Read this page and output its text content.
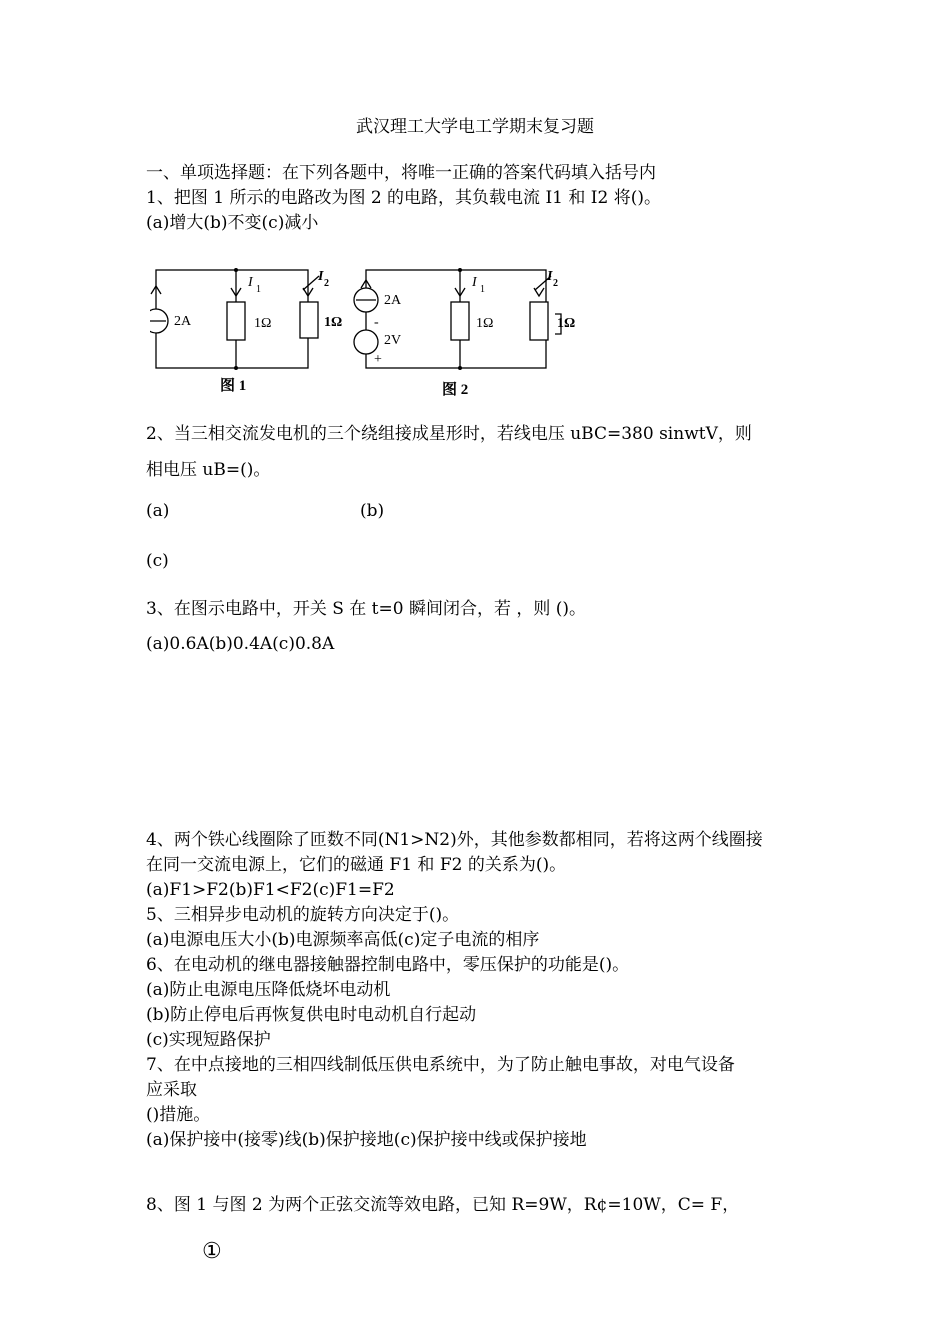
武汉理工大学电工学期末复习题
一、单项选择题：在下列各题中，将唯一正确的答案代码填入括号内
1、把图 1 所示的电路改为图 2 的电路，其负载电流 I1 和 I2 将()。
(a)增大(b)不变(c)减小
2A	1Ω	1Ω
I 1
I 2
图 1
2A
2V
-
+
1Ω	1Ω
I 1
I 2
图 2
2、当三相交流发电机的三个绕组接成星形时，若线电压 uBC=380 sinwtV，则
相电压 uB=()。
(a)	(b)
(c)
3、在图示电路中，开关 S 在 t=0 瞬间闭合，若 ，则 ()。
(a)0.6A(b)0.4A(c)0.8A
4、两个铁心线圈除了匝数不同(N1>N2)外，其他参数都相同，若将这两个线圈接
在同一交流电源上，它们的磁通 F1 和 F2 的关系为()。
(a)F1>F2(b)F1<F2(c)F1=F2
5、三相异步电动机的旋转方向决定于()。
(a)电源电压大小(b)电源频率高低(c)定子电流的相序
6、在电动机的继电器接触器控制电路中，零压保护的功能是()。
(a)防止电源电压降低烧坏电动机
(b)防止停电后再恢复供电时电动机自行起动
(c)实现短路保护
7、在中点接地的三相四线制低压供电系统中，为了防止触电事故，对电气设备
应采取
()措施。
(a)保护接中(接零)线(b)保护接地(c)保护接中线或保护接地
8、图 1 与图 2 为两个正弦交流等效电路，已知 R=9W，R¢=10W，C= F，
①
